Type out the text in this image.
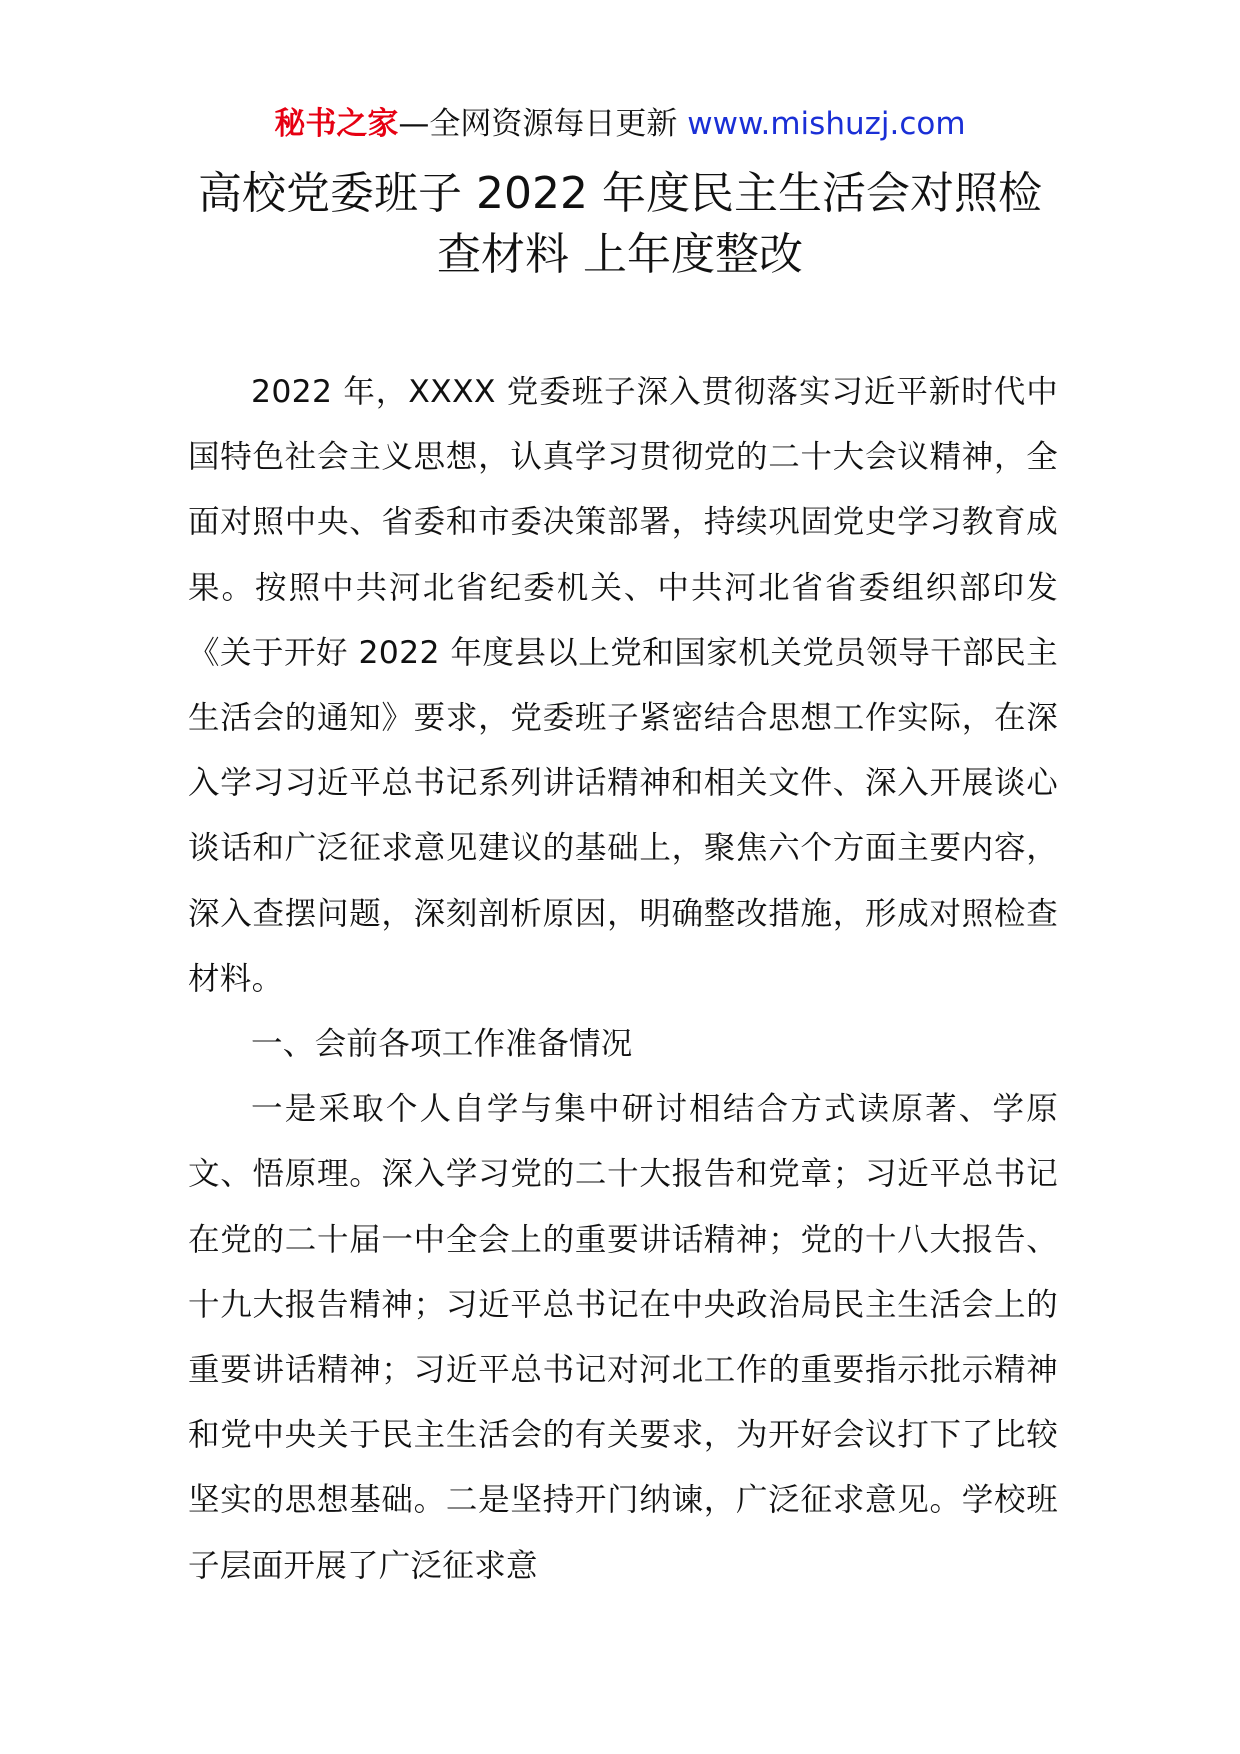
秘书之家—全网资源每日更新 www.mishuzj.com
高校党委班子 2022 年度民主生活会对照检
查材料 上年度整改

2022 年，XXXX 党委班子深入贯彻落实习近平新时代中国特色社会主义思想，认真学习贯彻党的二十大会议精神，全面对照中央、省委和市委决策部署，持续巩固党史学习教育成果。按照中共河北省纪委机关、中共河北省省委组织部印发《关于开好 2022 年度县以上党和国家机关党员领导干部民主生活会的通知》要求，党委班子紧密结合思想工作实际，在深入学习习近平总书记系列讲话精神和相关文件、深入开展谈心谈话和广泛征求意见建议的基础上，聚焦六个方面主要内容，深入查摆问题，深刻剖析原因，明确整改措施，形成对照检查材料。

一、会前各项工作准备情况

一是采取个人自学与集中研讨相结合方式读原著、学原文、悟原理。深入学习党的二十大报告和党章；习近平总书记在党的二十届一中全会上的重要讲话精神；党的十八大报告、十九大报告精神；习近平总书记在中央政治局民主生活会上的重要讲话精神；习近平总书记对河北工作的重要指示批示精神和党中央关于民主生活会的有关要求，为开好会议打下了比较坚实的思想基础。二是坚持开门纳谏，广泛征求意见。学校班子层面开展了广泛征求意
